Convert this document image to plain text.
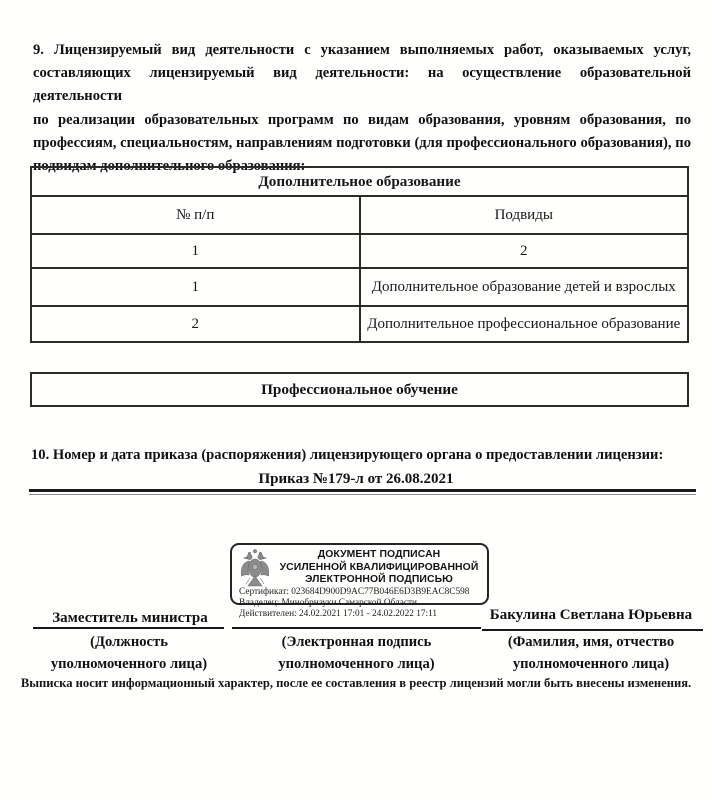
9. Лицензируемый вид деятельности с указанием выполняемых работ, оказываемых услуг,
составляющих лицензируемый вид деятельности: на осуществление образовательной деятельности
по реализации образовательных программ по видам образования, уровням образования, по
профессиям, специальностям, направлениям подготовки (для профессионального образования), по
подвидам дополнительного образования:
Дополнительное образование	
№ п/п	Подвиды
1	2
1	Дополнительное образование детей и взрослых
2	Дополнительное профессиональное образование
Профессиональное обучение
10. Номер и дата приказа (распоряжения) лицензирующего органа о предоставлении лицензии:
Приказ №179-л от 26.08.2021
ДОКУМЕНТ ПОДПИСАН
УСИЛЕННОЙ КВАЛИФИЦИРОВАННОЙ
ЭЛЕКТРОННОЙ ПОДПИСЬЮ
Сертификат: 023684D900D9AC77B046E6D3B9EAC8C598
Владелец: Минобрнауки Самарской Области
Действителен: 24.02.2021 17:01 - 24.02.2022 17:11
Заместитель министра
(Должность
уполномоченного лица)
(Электронная подпись
уполномоченного лица)
Бакулина Светлана Юрьевна
(Фамилия, имя, отчество
уполномоченного лица)
Выписка носит информационный характер, после ее составления в реестр лицензий могли быть внесены изменения.
